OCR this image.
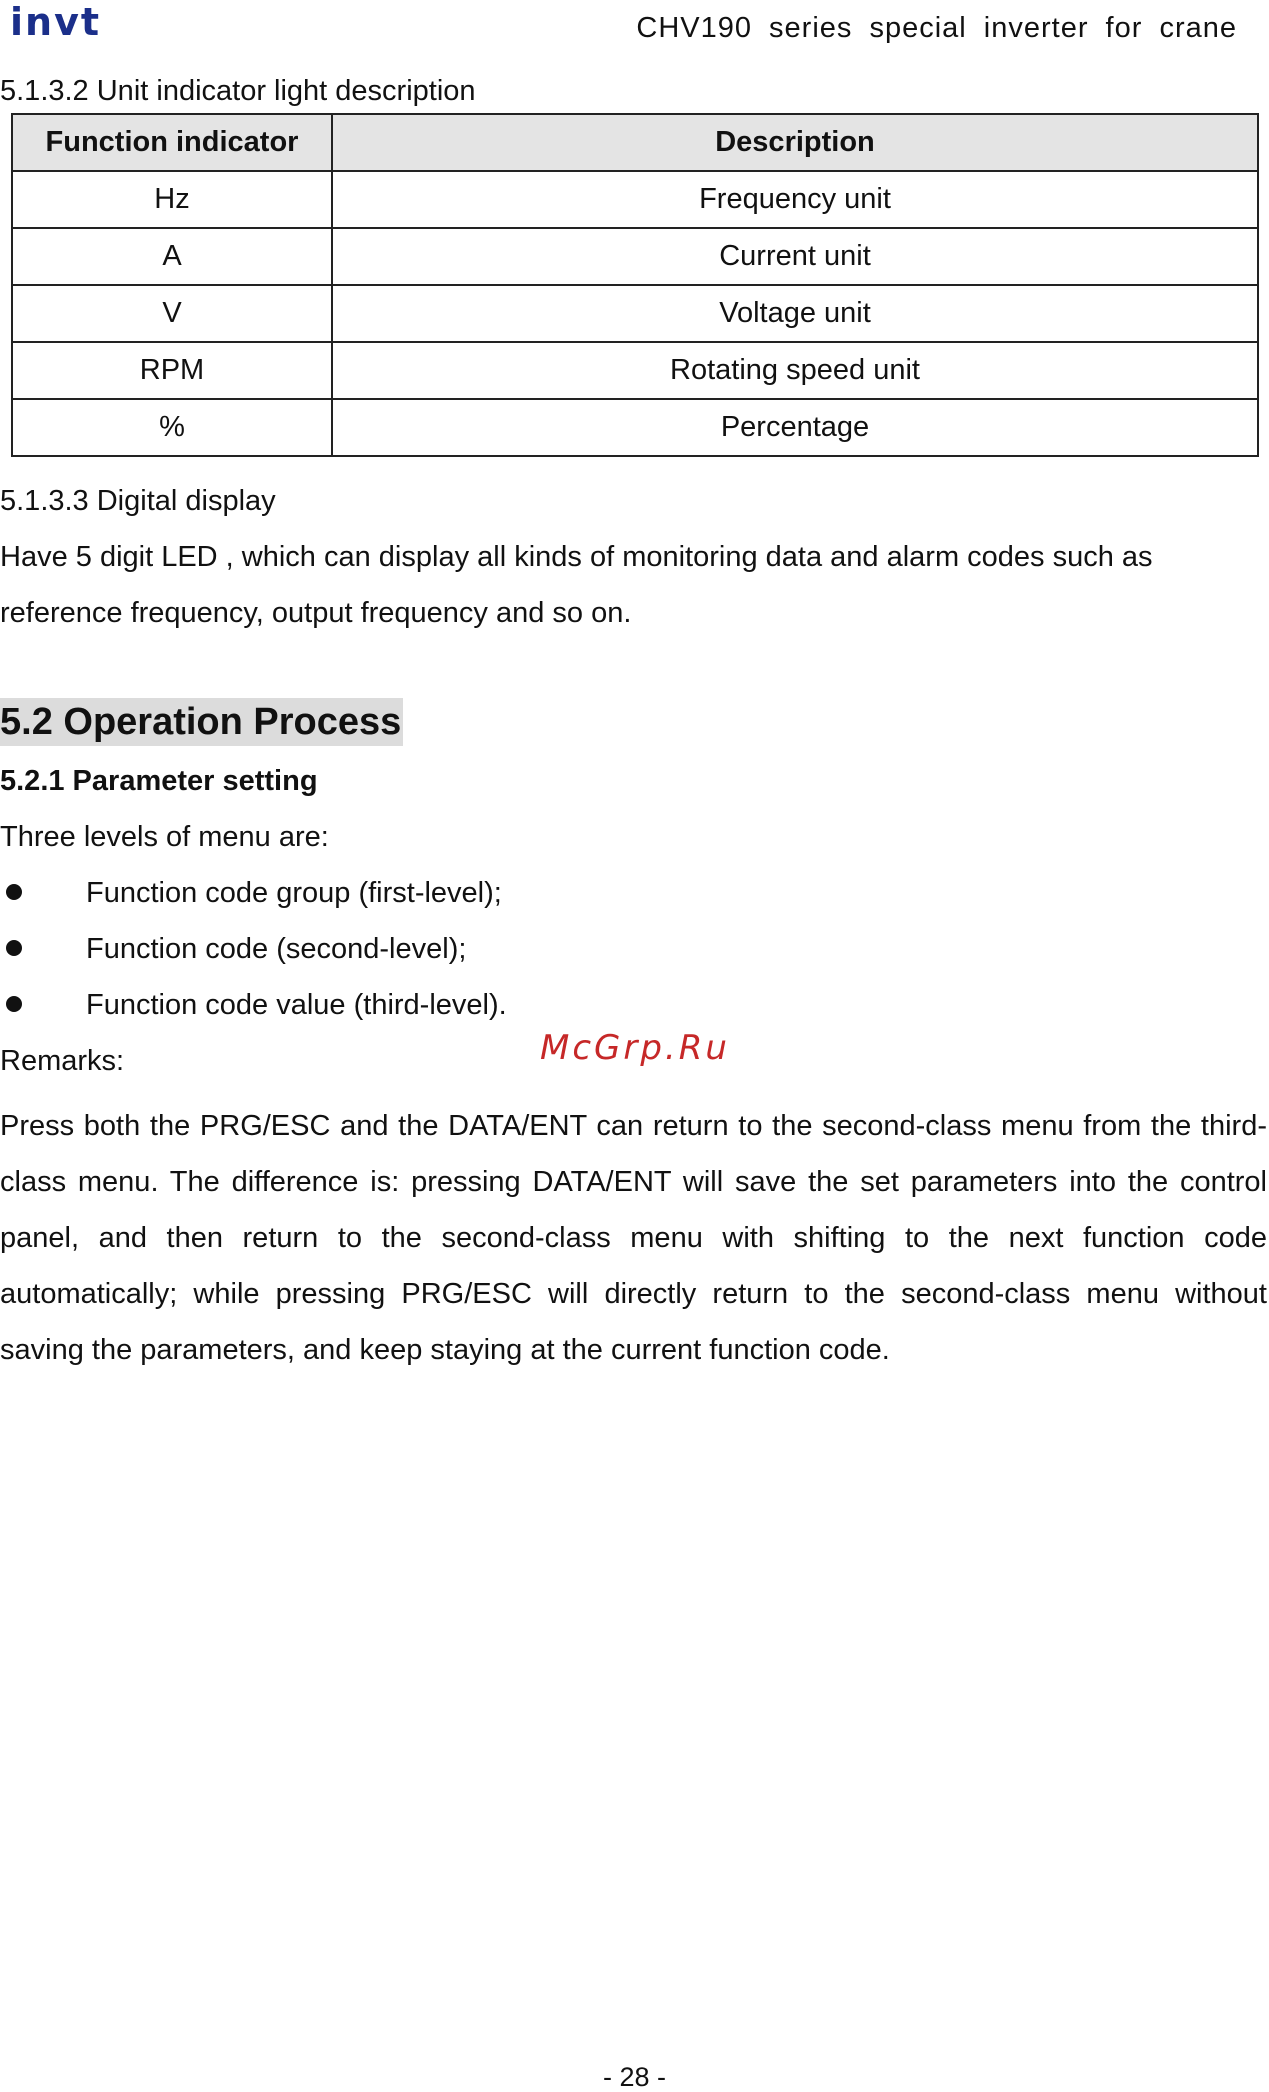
invt	CHV190 series special inverter for crane
5.1.3.2 Unit indicator light description
Function indicator	Description
Hz	Frequency unit
A	Current unit
V	Voltage unit
RPM	Rotating speed unit
%	Percentage
5.1.3.3 Digital display
Have 5 digit LED , which can display all kinds of monitoring data and alarm codes such as
reference frequency, output frequency and so on.
5.2 Operation Process
5.2.1 Parameter setting
Three levels of menu are:
Function code group (first-level);
Function code (second-level);
Function code value (third-level).
Remarks:	McGrp.Ru

Press both the PRG/ESC and the DATA/ENT can return to the second-class menu from the third-class menu. The difference is: pressing DATA/ENT will save the set parameters into the control panel, and then return to the second-class menu with shifting to the next function code automatically; while pressing PRG/ESC will directly return to the second-class menu without saving the parameters, and keep staying at the current function code.

- 28 -
